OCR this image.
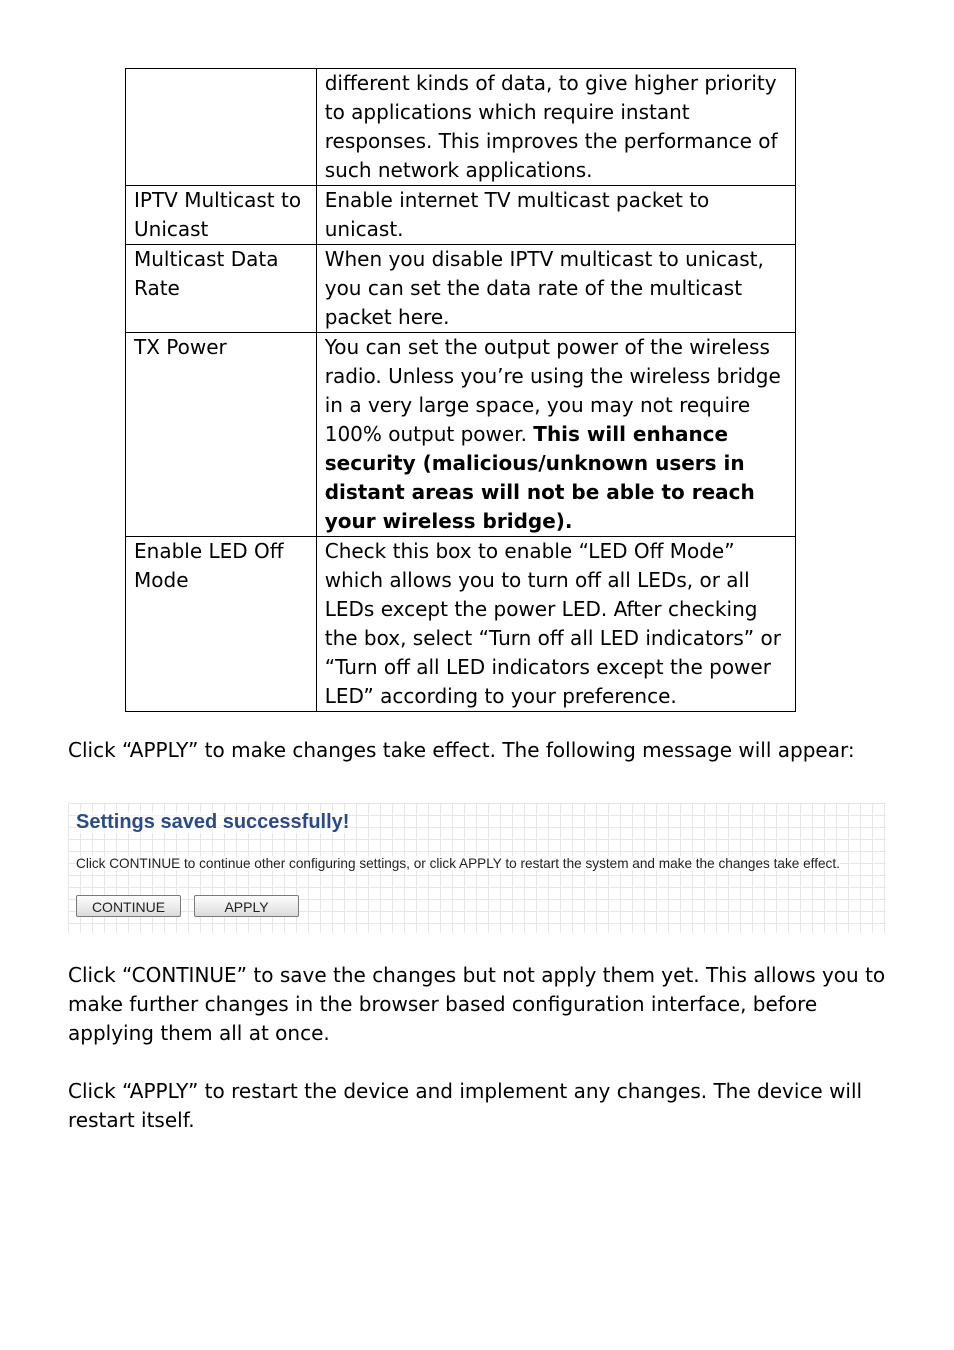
	different kinds of data, to give higher priority to applications which require instant responses. This improves the performance of such network applications.
IPTV Multicast to Unicast	Enable internet TV multicast packet to unicast.
Multicast Data Rate	When you disable IPTV multicast to unicast, you can set the data rate of the multicast packet here.
TX Power	You can set the output power of the wireless radio. Unless you’re using the wireless bridge in a very large space, you may not require 100% output power. This will enhance security (malicious/unknown users in distant areas will not be able to reach your wireless bridge).
Enable LED Off Mode	Check this box to enable “LED Off Mode” which allows you to turn off all LEDs, or all LEDs except the power LED. After checking the box, select “Turn off all LED indicators” or “Turn off all LED indicators except the power LED” according to your preference.
Click “APPLY” to make changes take effect. The following message will appear:
Settings saved successfully!
Click CONTINUE to continue other configuring settings, or click APPLY to restart the system and make the changes take effect.
CONTINUE	APPLY
Click “CONTINUE” to save the changes but not apply them yet. This allows you to make further changes in the browser based configuration interface, before applying them all at once.
Click “APPLY” to restart the device and implement any changes. The device will restart itself.
